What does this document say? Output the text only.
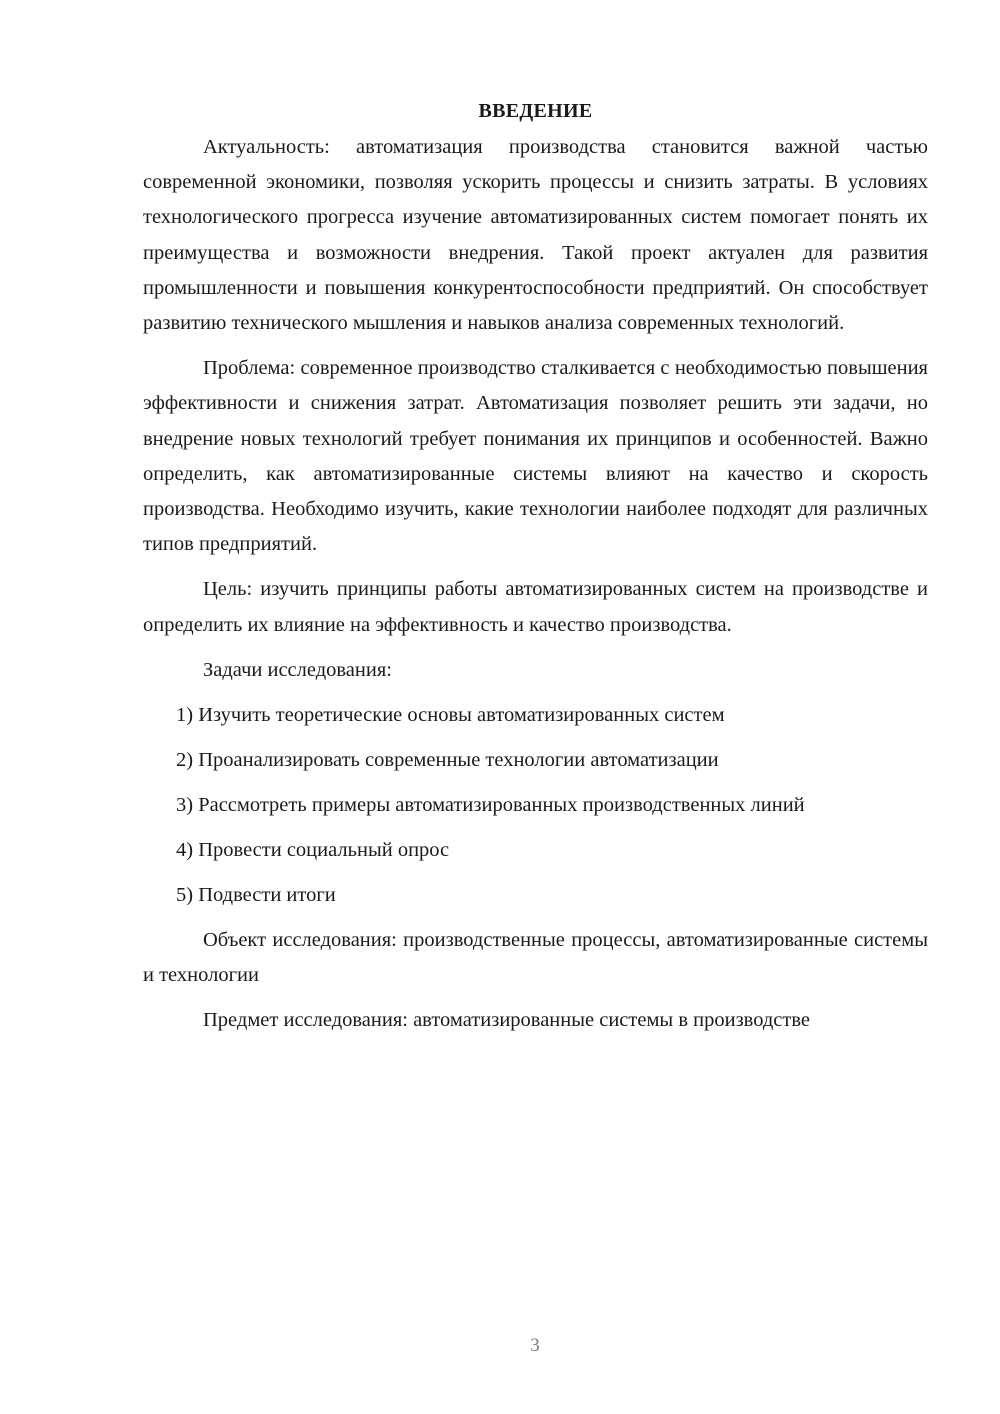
ВВЕДЕНИЕ

Актуальность: автоматизация производства становится важной частью современной экономики, позволяя ускорить процессы и снизить затраты. В условиях технологического прогресса изучение автоматизированных систем помогает понять их преимущества и возможности внедрения. Такой проект актуален для развития промышленности и повышения конкурентоспособности предприятий. Он способствует развитию технического мышления и навыков анализа современных технологий.

Проблема: современное производство сталкивается с необходимостью повышения эффективности и снижения затрат. Автоматизация позволяет решить эти задачи, но внедрение новых технологий требует понимания их принципов и особенностей. Важно определить, как автоматизированные системы влияют на качество и скорость производства. Необходимо изучить, какие технологии наиболее подходят для различных типов предприятий.

Цель: изучить принципы работы автоматизированных систем на производстве и определить их влияние на эффективность и качество производства.

Задачи исследования:

1) Изучить теоретические основы автоматизированных систем

2) Проанализировать современные технологии автоматизации

3) Рассмотреть примеры автоматизированных производственных линий

4) Провести социальный опрос

5) Подвести итоги

Объект исследования: производственные процессы, автоматизированные системы и технологии

Предмет исследования: автоматизированные системы в производстве

3
